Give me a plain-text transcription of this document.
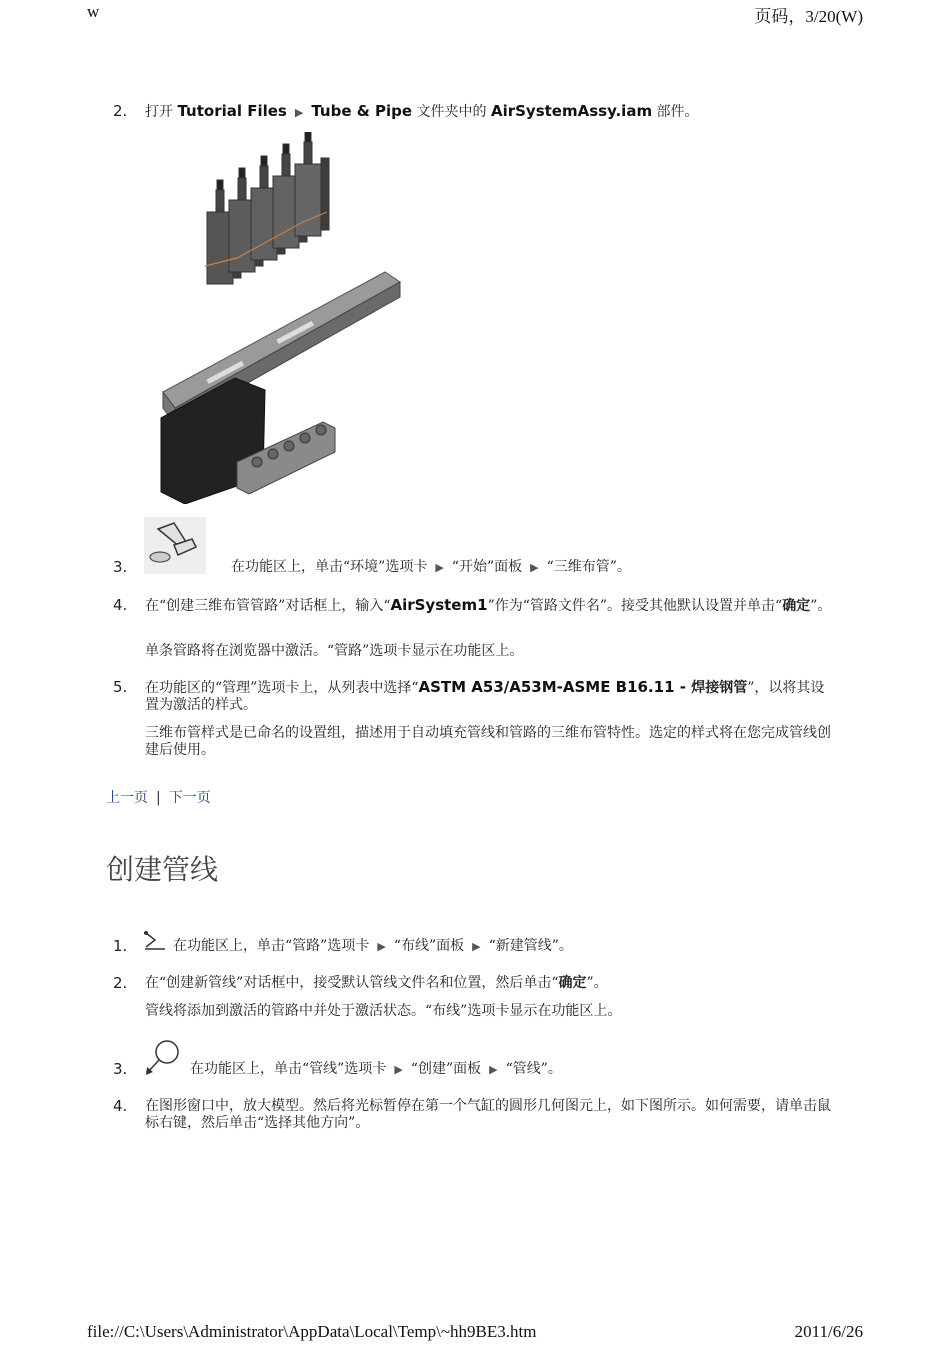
w	页码，3/20(W)
2. 打开 Tutorial Files ▶ Tube & Pipe 文件夹中的 AirSystemAssy.iam 部件。
3.	在功能区上，单击“环境”选项卡 ▶ “开始”面板 ▶ “三维布管”。
4. 在“创建三维布管管路”对话框上，输入“AirSystem1”作为“管路文件名”。接受其他默认设置并单击“确定”。
单条管路将在浏览器中激活。“管路”选项卡显示在功能区上。
5. 在功能区的“管理”选项卡上，从列表中选择“ASTM A53/A53M-ASME B16.11 - 焊接钢管”，以将其设置为激活的样式。
三维布管样式是已命名的设置组，描述用于自动填充管线和管路的三维布管特性。选定的样式将在您完成管线创建后使用。
上一页 | 下一页
创建管线
1.	在功能区上，单击“管路”选项卡 ▶ “布线”面板 ▶ “新建管线”。
2. 在“创建新管线”对话框中，接受默认管线文件名和位置，然后单击“确定”。
管线将添加到激活的管路中并处于激活状态。“布线”选项卡显示在功能区上。
3.	在功能区上，单击“管线”选项卡 ▶ “创建”面板 ▶ “管线”。
4. 在图形窗口中，放大模型。然后将光标暂停在第一个气缸的圆形几何图元上，如下图所示。如何需要，请单击鼠标右键，然后单击“选择其他方向”。
file://C:\Users\Administrator\AppData\Local\Temp\~hh9BE3.htm	2011/6/26
